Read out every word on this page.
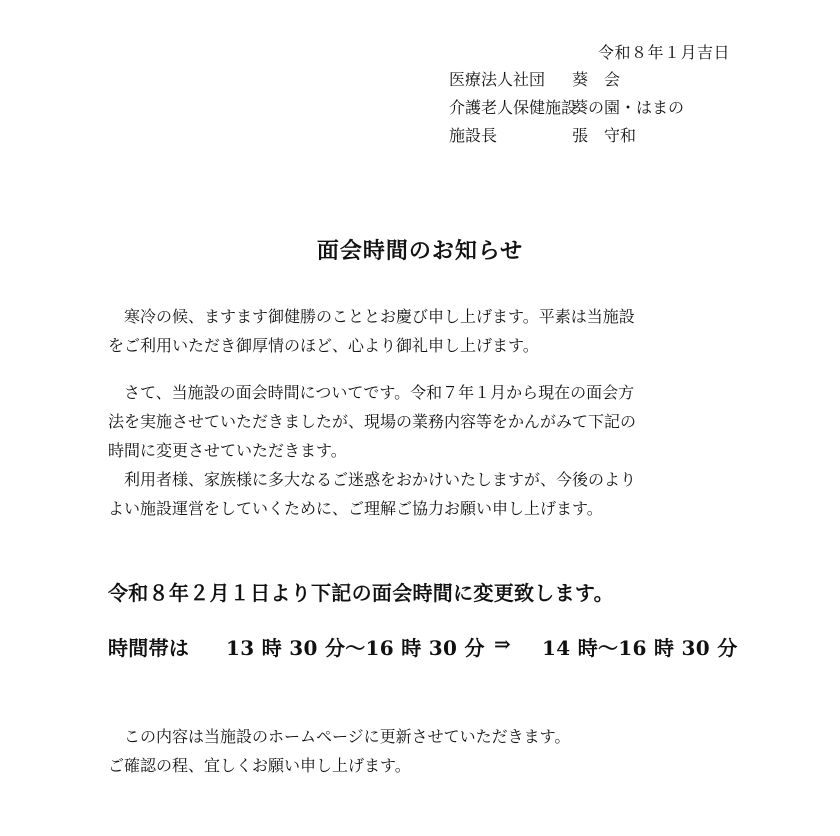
令和８年１月吉日
医療法人社団	葵　会
介護老人保健施設
葵の園・はまの
施設長	張　守和
面会時間のお知らせ
　寒冷の候、ますます御健勝のこととお慶び申し上げます。平素は当施設
をご利用いただき御厚情のほど、心より御礼申し上げます。
　さて、当施設の面会時間についてです。令和７年１月から現在の面会方
法を実施させていただきましたが、現場の業務内容等をかんがみて下記の
時間に変更させていただきます。
　利用者様、家族様に多大なるご迷惑をおかけいたしますが、今後のより
よい施設運営をしていくために、ご理解ご協力お願い申し上げます。
令和８年２月１日より下記の面会時間に変更致します。
時間帯は	13 時 30 分～16 時 30 分 ⇒	14 時～16 時 30 分
　この内容は当施設のホームページに更新させていただきます。
ご確認の程、宜しくお願い申し上げます。
